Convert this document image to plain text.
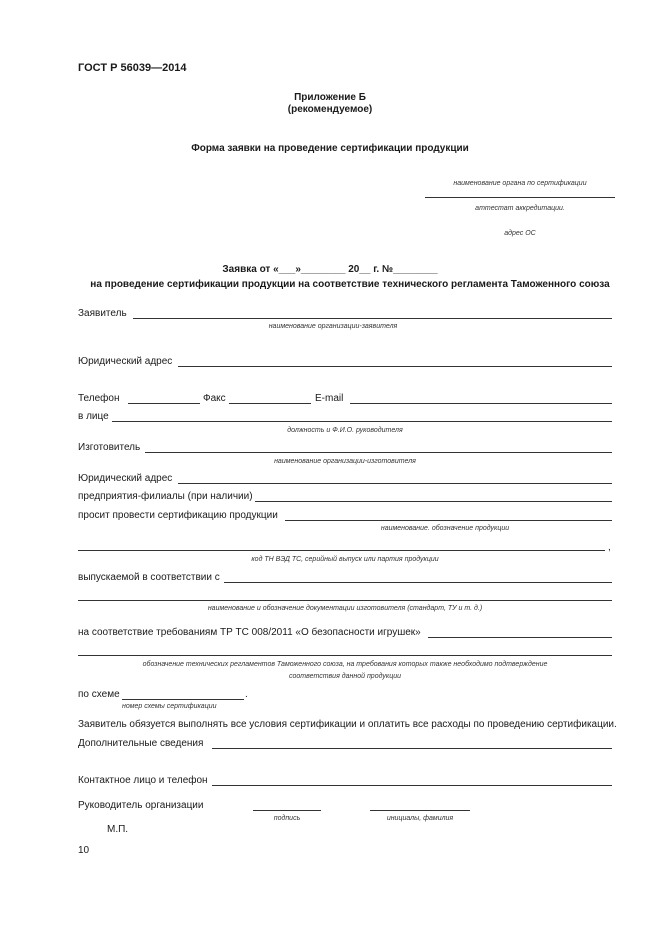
ГОСТ Р 56039—2014
Приложение Б
(рекомендуемое)
Форма заявки на проведение сертификации продукции
наименование органа по сертификации
аттестат аккредитации.
адрес ОС
Заявка от «___»________ 20__ г. №________
на проведение сертификации продукции на соответствие технического регламента Таможенного союза
Заявитель
наименование организации-заявителя
Юридический адрес
Телефон	Факс	E-mail
в лице
должность и Ф.И.О. руководителя
Изготовитель
наименование организации-изготовителя
Юридический адрес
предприятия-филиалы (при наличии)
просит провести сертификацию продукции
наименование. обозначение продукции
,
код ТН ВЭД ТС, серийный выпуск или партия продукции
выпускаемой в соответствии с
наименование и обозначение документации изготовителя (стандарт, ТУ и т. д.)
на соответствие требованиям ТР ТС 008/2011 «О безопасности игрушек»
обозначение технических регламентов Таможенного союза, на требования которых также необходимо подтверждение
соответствия данной продукции
по схеме	.
номер схемы сертификации
Заявитель обязуется выполнять все условия сертификации и оплатить все расходы по проведению сертификации.
Дополнительные сведения
Контактное лицо и телефон
Руководитель организации
подпись	инициалы, фамилия
М.П.
10
